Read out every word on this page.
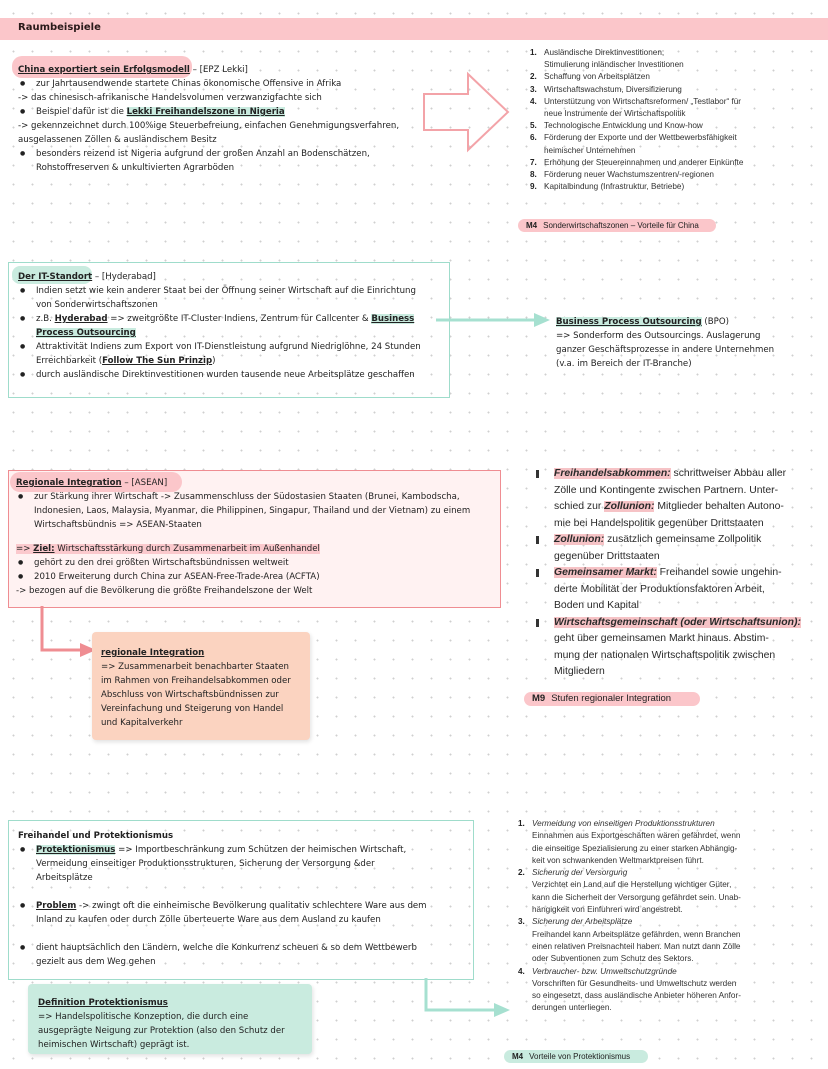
Raumbeispiele
China exportiert sein Erfolgsmodell – [EPZ Lekki]
● zur Jahrtausendwende startete Chinas ökonomische Offensive in Afrika
-> das chinesisch-afrikanische Handelsvolumen verzwanzigfachte sich
● Beispiel dafür ist die Lekki Freihandelszone in Nigeria
-> gekennzeichnet durch 100%ige Steuerbefreiung, einfachen Genehmigungsverfahren,
ausgelassenen Zöllen & ausländischem Besitz
● besonders reizend ist Nigeria aufgrund der großen Anzahl an Bodenschätzen,
Rohstoffreserven & unkultivierten Agrarböden
1. Ausländische Direktinvestitionen;
Stimulierung inländischer Investitionen
2. Schaffung von Arbeitsplätzen
3. Wirtschaftswachstum, Diversifizierung
4. Unterstützung von Wirtschaftsreformen/ „Testlabor“ für
neue Instrumente der Wirtschaftspolitik
5. Technologische Entwicklung und Know-how
6. Förderung der Exporte und der Wettbewerbsfähigkeit
heimischer Unternehmen
7. Erhöhung der Steuereinnahmen und anderer Einkünfte
8. Förderung neuer Wachstumszentren/-regionen
9. Kapitalbindung (Infrastruktur, Betriebe)
M4 Sonderwirtschaftszonen – Vorteile für China
Der IT-Standort – [Hyderabad]
● Indien setzt wie kein anderer Staat bei der Öffnung seiner Wirtschaft auf die Einrichtung
von Sonderwirtschaftszonen
● z.B. Hyderabad => zweitgrößte IT-Cluster Indiens, Zentrum für Callcenter & Business
Process Outsourcing
● Attraktivität Indiens zum Export von IT-Dienstleistung aufgrund Niedriglöhne, 24 Stunden
Erreichbarkeit (Follow The Sun Prinzip)
● durch ausländische Direktinvestitionen wurden tausende neue Arbeitsplätze geschaffen
Business Process Outsourcing (BPO)
=> Sonderform des Outsourcings. Auslagerung
ganzer Geschäftsprozesse in andere Unternehmen
(v.a. im Bereich der IT-Branche)
Regionale Integration – [ASEAN]
● zur Stärkung ihrer Wirtschaft -> Zusammenschluss der Südostasien Staaten (Brunei, Kambodscha,
Indonesien, Laos, Malaysia, Myanmar, die Philippinen, Singapur, Thailand und der Vietnam) zu einem
Wirtschaftsbündnis => ASEAN-Staaten
=> Ziel: Wirtschaftsstärkung durch Zusammenarbeit im Außenhandel
● gehört zu den drei größten Wirtschaftsbündnissen weltweit
● 2010 Erweiterung durch China zur ASEAN-Free-Trade-Area (ACFTA)
-> bezogen auf die Bevölkerung die größte Freihandelszone der Welt
regionale Integration
=> Zusammenarbeit benachbarter Staaten
im Rahmen von Freihandelsabkommen oder
Abschluss von Wirtschaftsbündnissen zur
Vereinfachung und Steigerung von Handel
und Kapitalverkehr
Freihandelsabkommen: schrittweiser Abbau aller
Zölle und Kontingente zwischen Partnern. Unter-
schied zur Zollunion: Mitglieder behalten Autono-
mie bei Handelspolitik gegenüber Drittstaaten
Zollunion: zusätzlich gemeinsame Zollpolitik
gegenüber Drittstaaten
Gemeinsamer Markt: Freihandel sowie ungehin-
derte Mobilität der Produktionsfaktoren Arbeit,
Boden und Kapital
Wirtschaftsgemeinschaft (oder Wirtschaftsunion):
geht über gemeinsamen Markt hinaus. Abstim-
mung der nationalen Wirtschaftspolitik zwischen
Mitgliedern
M9 Stufen regionaler Integration
Freihandel und Protektionismus
● Protektionismus => Importbeschränkung zum Schützen der heimischen Wirtschaft,
Vermeidung einseitiger Produktionsstrukturen, Sicherung der Versorgung &der
Arbeitsplätze
● Problem -> zwingt oft die einheimische Bevölkerung qualitativ schlechtere Ware aus dem
Inland zu kaufen oder durch Zölle überteuerte Ware aus dem Ausland zu kaufen
● dient hauptsächlich den Ländern, welche die Konkurrenz scheuen & so dem Wettbewerb
gezielt aus dem Weg gehen
Definition Protektionismus
=> Handelspolitische Konzeption, die durch eine
ausgeprägte Neigung zur Protektion (also den Schutz der
heimischen Wirtschaft) geprägt ist.
1. Vermeidung von einseitigen Produktionsstrukturen
Einnahmen aus Exportgeschäften wären gefährdet, wenn
die einseitige Spezialisierung zu einer starken Abhängig-
keit von schwankenden Weltmarktpreisen führt.
2. Sicherung der Versorgung
Verzichtet ein Land auf die Herstellung wichtiger Güter,
kann die Sicherheit der Versorgung gefährdet sein. Unab-
hängigkeit von Einfuhren wird angestrebt.
3. Sicherung der Arbeitsplätze
Freihandel kann Arbeitsplätze gefährden, wenn Branchen
einen relativen Preisnachteil haben. Man nutzt dann Zölle
oder Subventionen zum Schutz des Sektors.
4. Verbraucher- bzw. Umweltschutzgründe
Vorschriften für Gesundheits- und Umweltschutz werden
so eingesetzt, dass ausländische Anbieter höheren Anfor-
derungen unterliegen.
M4 Vorteile von Protektionismus
